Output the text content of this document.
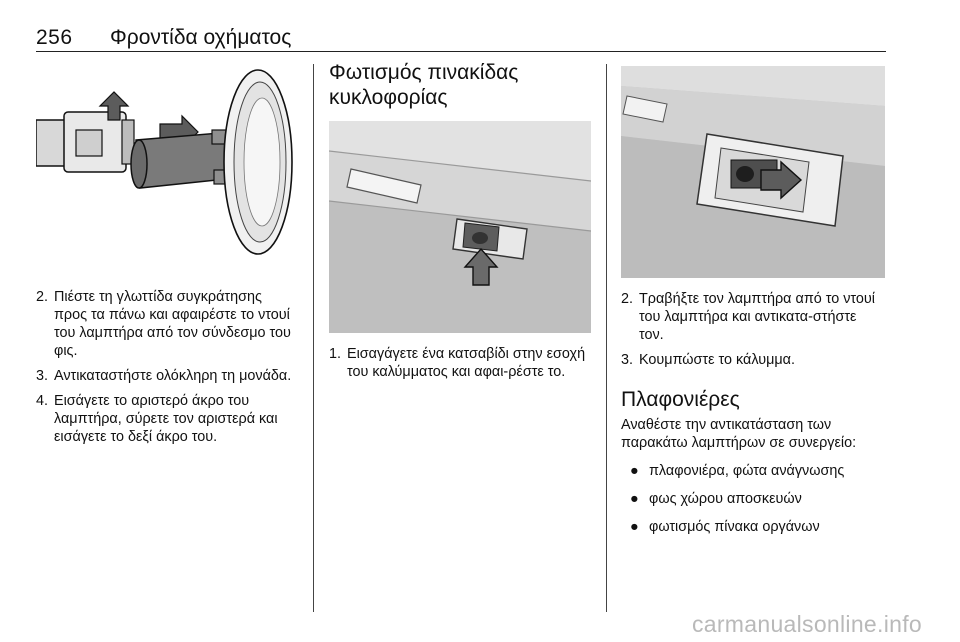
256 Φροντίδα οχήματος
2. Πιέστε τη γλωττίδα συγκράτησης προς τα πάνω και αφαιρέστε το ντουί του λαμπτήρα από τον σύνδεσμο του φις.
3. Αντικαταστήστε ολόκληρη τη μονάδα.
4. Εισάγετε το αριστερό άκρο του λαμπτήρα, σύρετε τον αριστερά και εισάγετε το δεξί άκρο του.
Φωτισμός πινακίδας κυκλοφορίας
1. Εισαγάγετε ένα κατσαβίδι στην εσοχή του καλύμματος και αφαι-ρέστε το.
2. Τραβήξτε τον λαμπτήρα από το ντουί του λαμπτήρα και αντικατα-στήστε τον.
3. Κουμπώστε το κάλυμμα.
Πλαφονιέρες

Αναθέστε την αντικατάσταση των παρακάτω λαμπτήρων σε συνεργείο:

● πλαφονιέρα, φώτα ανάγνωσης
● φως χώρου αποσκευών
● φωτισμός πίνακα οργάνων
carmanualsonline.info
